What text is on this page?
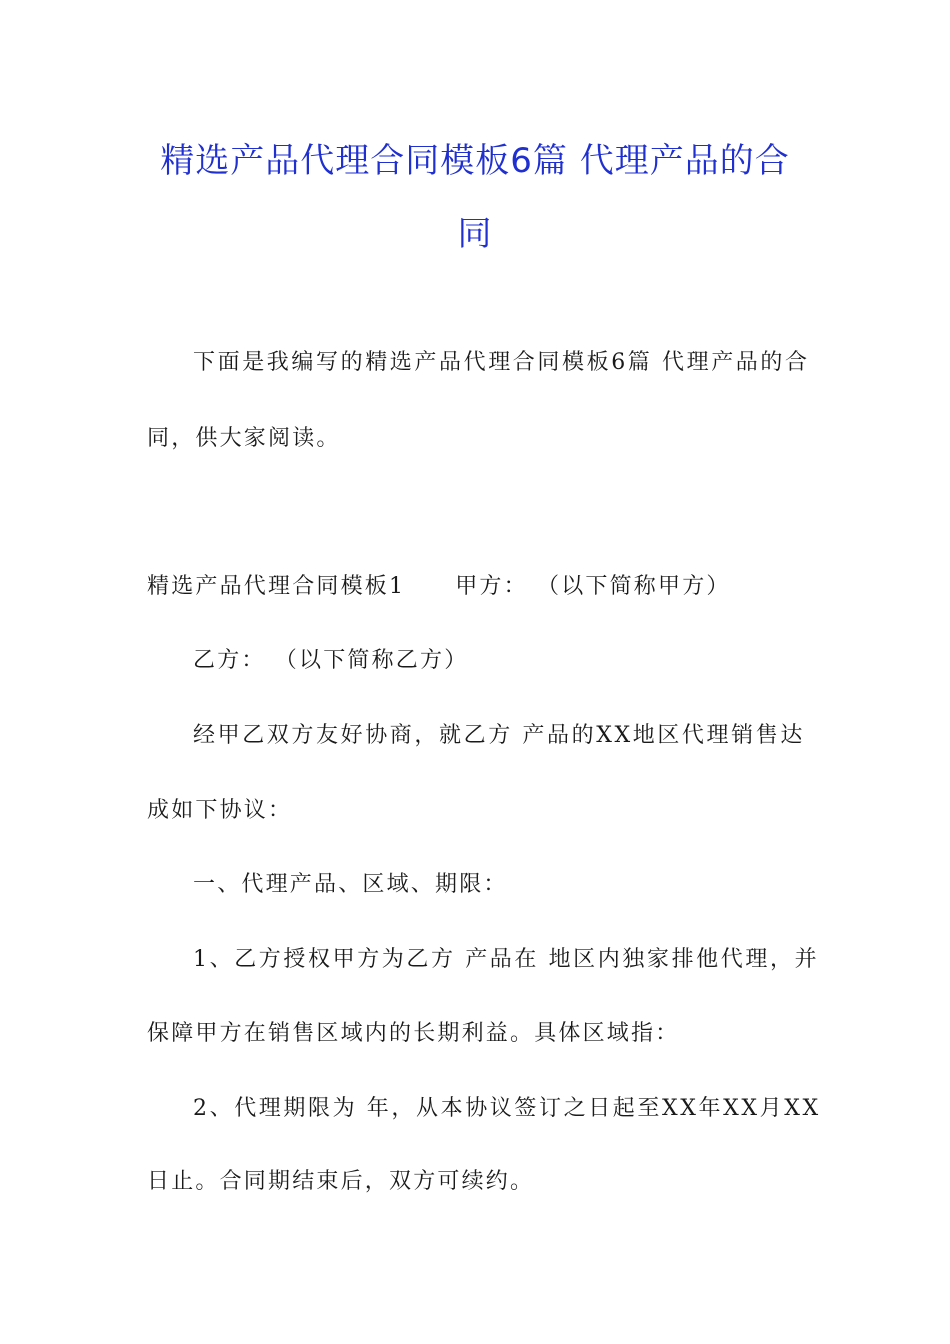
精选产品代理合同模板6篇 代理产品的合
同
下面是我编写的精选产品代理合同模板6篇 代理产品的合
同，供大家阅读。
精选产品代理合同模板1 甲方： （以下简称甲方）
乙方： （以下简称乙方）
经甲乙双方友好协商，就乙方 产品的XX地区代理销售达
成如下协议：
一、代理产品、区域、期限：
1、乙方授权甲方为乙方 产品在 地区内独家排他代理，并
保障甲方在销售区域内的长期利益。具体区域指：
2、代理期限为 年，从本协议签订之日起至XX年XX月XX
日止。合同期结束后，双方可续约。
